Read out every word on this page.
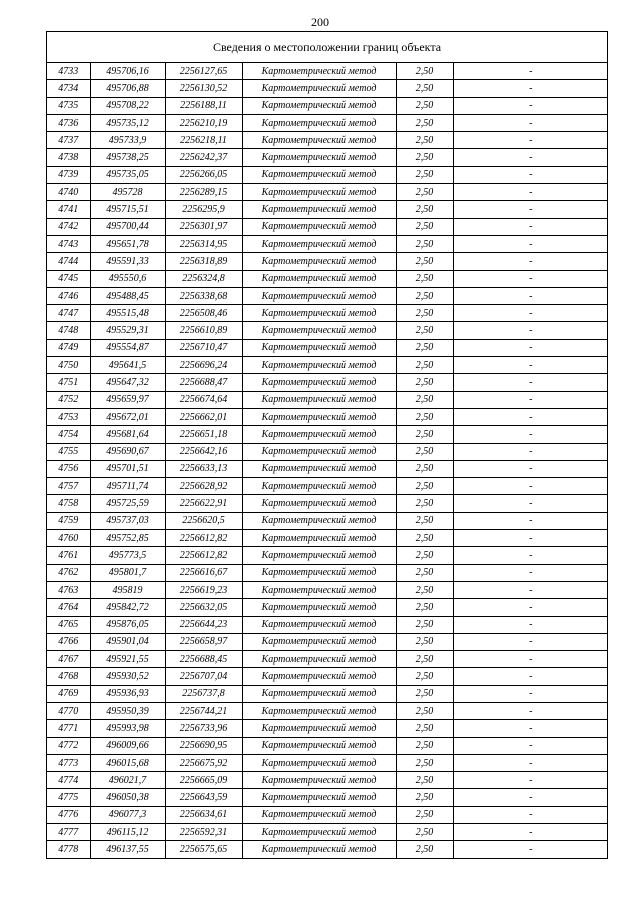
200
Сведения о местоположении границ объекта
4733	495706,16	2256127,65	Картометрический метод	2,50	-
4734	495706,88	2256130,52	Картометрический метод	2,50	-
4735	495708,22	2256188,11	Картометрический метод	2,50	-
4736	495735,12	2256210,19	Картометрический метод	2,50	-
4737	495733,9	2256218,11	Картометрический метод	2,50	-
4738	495738,25	2256242,37	Картометрический метод	2,50	-
4739	495735,05	2256266,05	Картометрический метод	2,50	-
4740	495728	2256289,15	Картометрический метод	2,50	-
4741	495715,51	2256295,9	Картометрический метод	2,50	-
4742	495700,44	2256301,97	Картометрический метод	2,50	-
4743	495651,78	2256314,95	Картометрический метод	2,50	-
4744	495591,33	2256318,89	Картометрический метод	2,50	-
4745	495550,6	2256324,8	Картометрический метод	2,50	-
4746	495488,45	2256338,68	Картометрический метод	2,50	-
4747	495515,48	2256508,46	Картометрический метод	2,50	-
4748	495529,31	2256610,89	Картометрический метод	2,50	-
4749	495554,87	2256710,47	Картометрический метод	2,50	-
4750	495641,5	2256696,24	Картометрический метод	2,50	-
4751	495647,32	2256688,47	Картометрический метод	2,50	-
4752	495659,97	2256674,64	Картометрический метод	2,50	-
4753	495672,01	2256662,01	Картометрический метод	2,50	-
4754	495681,64	2256651,18	Картометрический метод	2,50	-
4755	495690,67	2256642,16	Картометрический метод	2,50	-
4756	495701,51	2256633,13	Картометрический метод	2,50	-
4757	495711,74	2256628,92	Картометрический метод	2,50	-
4758	495725,59	2256622,91	Картометрический метод	2,50	-
4759	495737,03	2256620,5	Картометрический метод	2,50	-
4760	495752,85	2256612,82	Картометрический метод	2,50	-
4761	495773,5	2256612,82	Картометрический метод	2,50	-
4762	495801,7	2256616,67	Картометрический метод	2,50	-
4763	495819	2256619,23	Картометрический метод	2,50	-
4764	495842,72	2256632,05	Картометрический метод	2,50	-
4765	495876,05	2256644,23	Картометрический метод	2,50	-
4766	495901,04	2256658,97	Картометрический метод	2,50	-
4767	495921,55	2256688,45	Картометрический метод	2,50	-
4768	495930,52	2256707,04	Картометрический метод	2,50	-
4769	495936,93	2256737,8	Картометрический метод	2,50	-
4770	495950,39	2256744,21	Картометрический метод	2,50	-
4771	495993,98	2256733,96	Картометрический метод	2,50	-
4772	496009,66	2256690,95	Картометрический метод	2,50	-
4773	496015,68	2256675,92	Картометрический метод	2,50	-
4774	496021,7	2256665,09	Картометрический метод	2,50	-
4775	496050,38	2256643,59	Картометрический метод	2,50	-
4776	496077,3	2256634,61	Картометрический метод	2,50	-
4777	496115,12	2256592,31	Картометрический метод	2,50	-
4778	496137,55	2256575,65	Картометрический метод	2,50	-
